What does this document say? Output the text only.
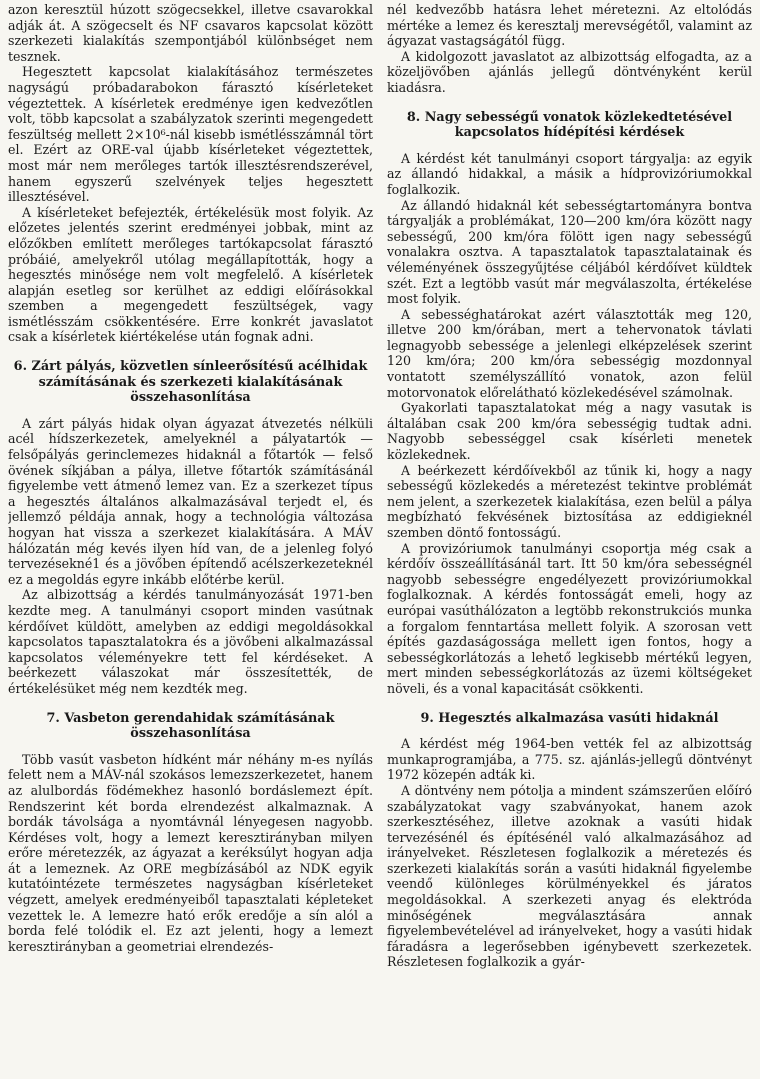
azon keresztül húzott szögecsekkel, illetve csavarokkal adják át. A szögecselt és NF csavaros kapcsolat között szerkezeti kialakítás szempontjából különbséget nem tesznek.

Hegesztett kapcsolat kialakításához természetes nagyságú próbadarabokon fárasztó kísérleteket végeztettek. A kísérletek eredménye igen kedvezőtlen volt, több kapcsolat a szabályzatok szerinti megengedett feszültség mellett 2×10⁶-nál kisebb ismétlésszámnál tört el. Ezért az ORE-val újabb kísérleteket végeztettek, most már nem merőleges tartók illesztésrendszerével, hanem egyszerű szelvények teljes hegesztett illesztésével.

A kísérleteket befejezték, értékelésük most folyik. Az előzetes jelentés szerint eredményei jobbak, mint az előzőkben említett merőleges tartókapcsolat fárasztó próbáié, amelyekről utólag megállapították, hogy a hegesztés minősége nem volt megfelelő. A kísérletek alapján esetleg sor kerülhet az eddigi előírásokkal szemben a megengedett feszültségek, vagy ismétlésszám csökkentésére. Erre konkrét javaslatot csak a kísérletek kiértékelése után fognak adni.

6. Zárt pályás, közvetlen sínleerősítésű acélhidak számításának és szerkezeti kialakításának összehasonlítása

A zárt pályás hidak olyan ágyazat átvezetés nélküli acél hídszerkezetek, amelyeknél a pályatartók — felsőpályás gerinclemezes hidaknál a főtartók — felső övének síkjában a pálya, illetve főtartók számításánál figyelembe vett átmenő lemez van. Ez a szerkezet típus a hegesztés általános alkalmazásával terjedt el, és jellemző példája annak, hogy a technológia változása hogyan hat vissza a szerkezet kialakítására. A MÁV hálózatán még kevés ilyen híd van, de a jelenleg folyó tervezésekné1 és a jövőben építendő acélszerkezeteknél ez a megoldás egyre inkább előtérbe kerül.

Az albizottság a kérdés tanulmányozását 1971-ben kezdte meg. A tanulmányi csoport minden vasútnak kérdőívet küldött, amelyben az eddigi megoldásokkal kapcsolatos tapasztalatokra és a jövőbeni alkalmazással kapcsolatos véleményekre tett fel kérdéseket. A beérkezett válaszokat már összesítették, de értékelésüket még nem kezdték meg.

7. Vasbeton gerendahidak számításának összehasonlítása

Több vasút vasbeton hídként már néhány m-es nyílás felett nem a MÁV-nál szokásos lemezszerkezetet, hanem az alulbordás födémekhez hasonló bordáslemezt épít. Rendszerint két borda elrendezést alkalmaznak. A bordák távolsága a nyomtávnál lényegesen nagyobb. Kérdéses volt, hogy a lemezt keresztirányban milyen erőre méretezzék, az ágyazat a keréksúlyt hogyan adja át a lemeznek. Az ORE megbízásából az NDK egyik kutatóintézete természetes nagyságban kísérleteket végzett, amelyek eredményeiből tapasztalati képleteket vezettek le. A lemezre ható erők eredője a sín alól a borda felé tolódik el. Ez azt jelenti, hogy a lemezt keresztirányban a geometriai elrendezés-

nél kedvezőbb hatásra lehet méretezni. Az eltolódás mértéke a lemez és keresztalj merevségétől, valamint az ágyazat vastagságától függ.

A kidolgozott javaslatot az albizottság elfogadta, az a közeljövőben ajánlás jellegű döntvényként kerül kiadásra.

8. Nagy sebességű vonatok közlekedtetésével kapcsolatos hídépítési kérdések

A kérdést két tanulmányi csoport tárgyalja: az egyik az állandó hidakkal, a másik a hídprovizóriumokkal foglalkozik.

Az állandó hidaknál két sebességtartományra bontva tárgyalják a problémákat, 120—200 km/óra között nagy sebességű, 200 km/óra fölött igen nagy sebességű vonalakra osztva. A tapasztalatok tapasztalatainak és véleményének összegyűjtése céljából kérdőívet küldtek szét. Ezt a legtöbb vasút már megválaszolta, értékelése most folyik.

A sebességhatárokat azért választották meg 120, illetve 200 km/órában, mert a tehervonatok távlati legnagyobb sebessége a jelenlegi elképzelések szerint 120 km/óra; 200 km/óra sebességig mozdonnyal vontatott személyszállító vonatok, azon felül motorvonatok előrelátható közlekedésével számolnak.

Gyakorlati tapasztalatokat még a nagy vasutak is általában csak 200 km/óra sebességig tudtak adni. Nagyobb sebességgel csak kísérleti menetek közlekednek.

A beérkezett kérdőívekből az tűnik ki, hogy a nagy sebességű közlekedés a méretezést tekintve problémát nem jelent, a szerkezetek kialakítása, ezen belül a pálya megbízható fekvésének biztosítása az eddigieknél szemben döntő fontosságú.

A provizóriumok tanulmányi csoportja még csak a kérdőív összeállításánál tart. Itt 50 km/óra sebességnél nagyobb sebességre engedélyezett provizóriumokkal foglalkoznak. A kérdés fontosságát emeli, hogy az európai vasúthálózaton a legtöbb rekonstrukciós munka a forgalom fenntartása mellett folyik. A szorosan vett építés gazdaságossága mellett igen fontos, hogy a sebességkorlátozás a lehető legkisebb mértékű legyen, mert minden sebességkorlátozás az üzemi költségeket növeli, és a vonal kapacitását csökkenti.

9. Hegesztés alkalmazása vasúti hidaknál

A kérdést még 1964-ben vették fel az albizottság munkaprogramjába, a 775. sz. ajánlás-jellegű döntvényt 1972 közepén adták ki.

A döntvény nem pótolja a mindent számszerűen előíró szabályzatokat vagy szabványokat, hanem azok szerkesztéséhez, illetve azoknak a vasúti hidak tervezésénél és építésénél való alkalmazásához ad irányelveket. Részletesen foglalkozik a méretezés és szerkezeti kialakítás során a vasúti hidaknál figyelembe veendő különleges körülményekkel és járatos megoldásokkal. A szerkezeti anyag és elektróda minőségének megválasztására annak figyelembevételével ad irányelveket, hogy a vasúti hidak fáradásra a legerősebben igénybevett szerkezetek. Részletesen foglalkozik a gyár-
